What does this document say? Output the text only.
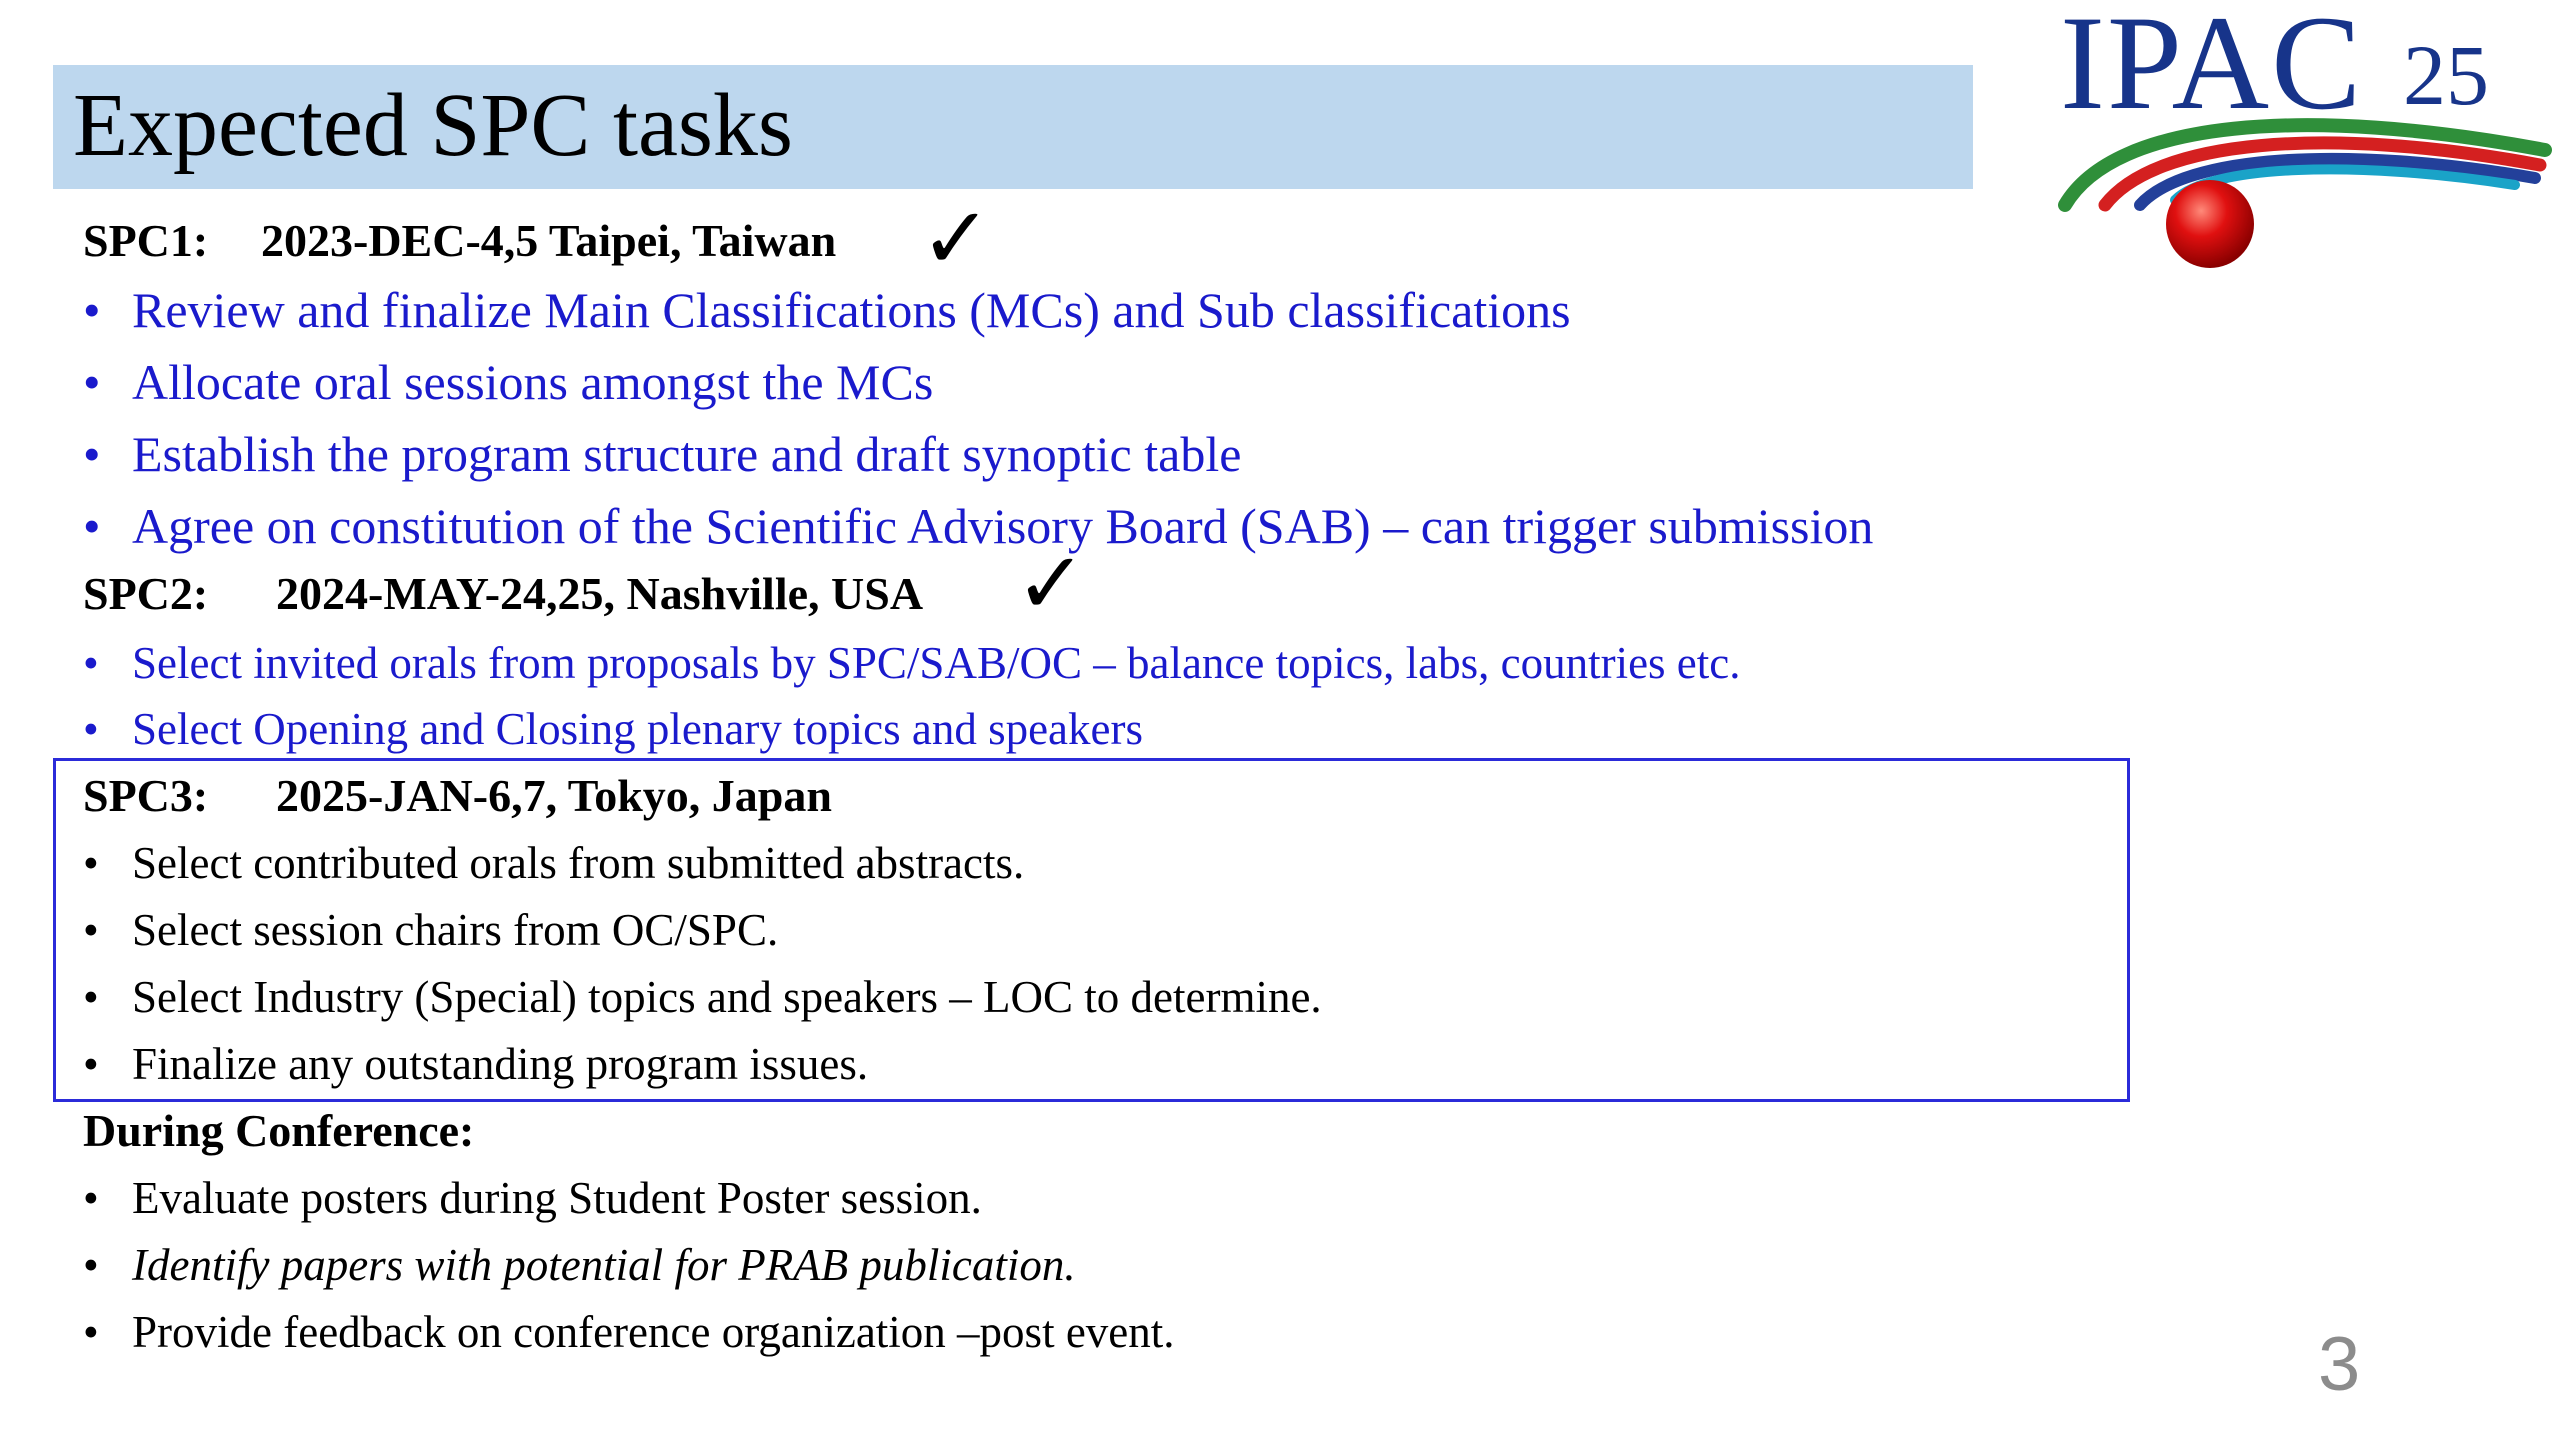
Expected SPC tasks	IPAC 25
SPC1: 2023-DEC-4,5 Taipei, Taiwan ✓
• Review and finalize Main Classifications (MCs) and Sub classifications
• Allocate oral sessions amongst the MCs
• Establish the program structure and draft synoptic table
• Agree on constitution of the Scientific Advisory Board (SAB) – can trigger submission
SPC2: 2024-MAY-24,25, Nashville, USA ✓
• Select invited orals from proposals by SPC/SAB/OC – balance topics, labs, countries etc.
• Select Opening and Closing plenary topics and speakers
SPC3: 2025-JAN-6,7, Tokyo, Japan
• Select contributed orals from submitted abstracts.
• Select session chairs from OC/SPC.
• Select Industry (Special) topics and speakers – LOC to determine.
• Finalize any outstanding program issues.
During Conference:
• Evaluate posters during Student Poster session.
• Identify papers with potential for PRAB publication.
• Provide feedback on conference organization –post event.	3
